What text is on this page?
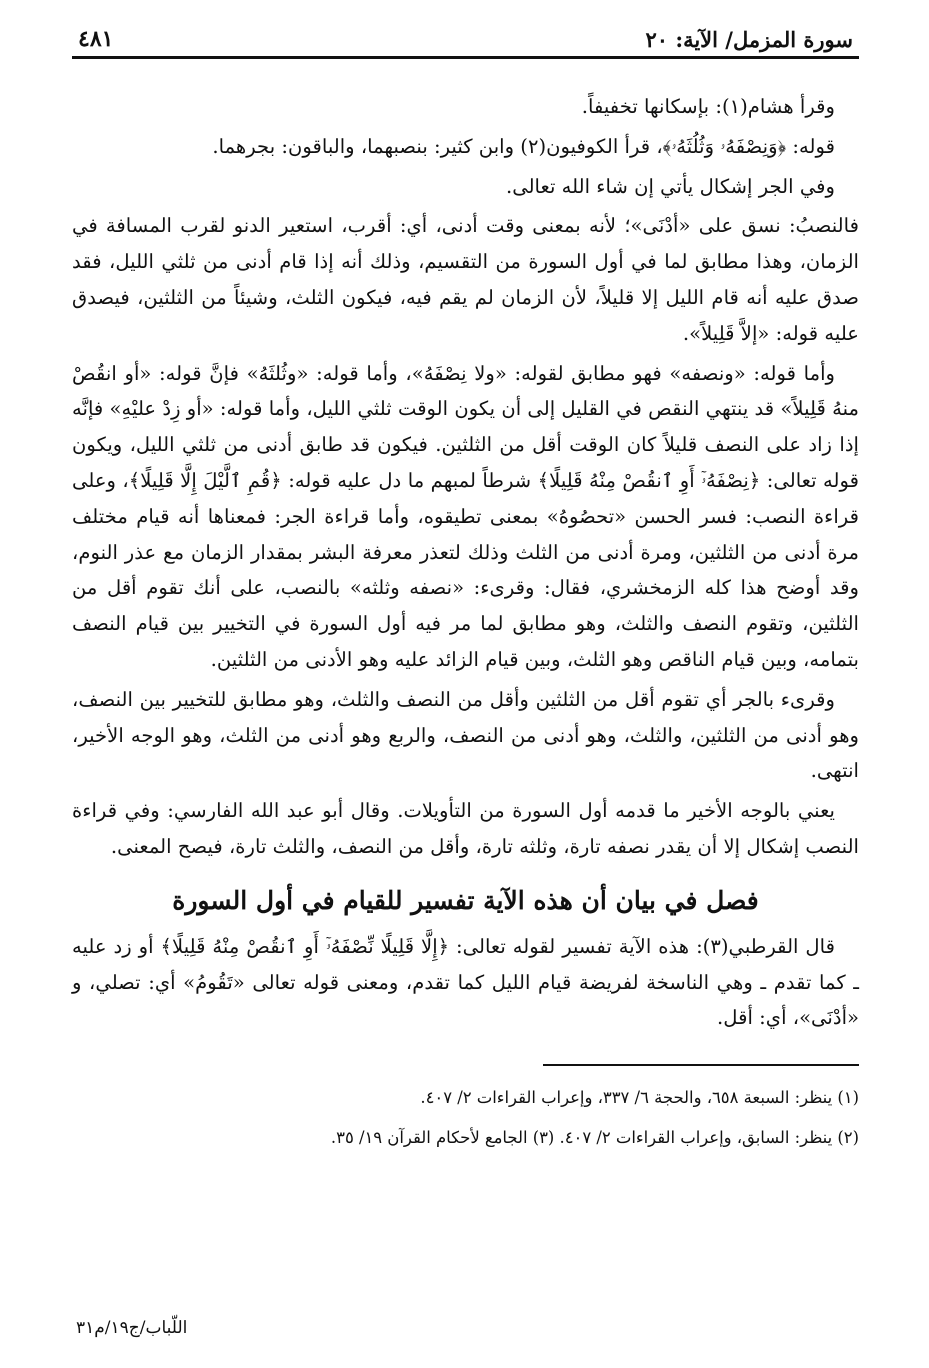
سورة المزمل/ الآية: ٢٠
٤٨١

وقرأ هشام(١): بإسكانها تخفيفاً.

قوله: ﴿وَنِصْفَهُۥ وَثُلُثَهُۥ﴾، قرأ الكوفيون(٢) وابن كثير: بنصبهما، والباقون: بجرهما.

وفي الجر إشكال يأتي إن شاء الله تعالى.

فالنصبُ: نسق على «أدْنَى»؛ لأنه بمعنى وقت أدنى، أي: أقرب، استعير الدنو لقرب المسافة في الزمان، وهذا مطابق لما في أول السورة من التقسيم، وذلك أنه إذا قام أدنى من ثلثي الليل، فقد صدق عليه أنه قام الليل إلا قليلاً، لأن الزمان لم يقم فيه، فيكون الثلث، وشيئاً من الثلثين، فيصدق عليه قوله: «إلاَّ قَلِيلاً».

وأما قوله: «ونصفه» فهو مطابق لقوله: «ولا نِصْفَهُ»، وأما قوله: «وثُلثَهُ» فإنَّ قوله: «أو انقُصْ منهُ قَلِيلاً» قد ينتهي النقص في القليل إلى أن يكون الوقت ثلثي الليل، وأما قوله: «أو زِدْ عليْهِ» فإنَّه إذا زاد على النصف قليلاً كان الوقت أقل من الثلثين. فيكون قد طابق أدنى من ثلثي الليل، ويكون قوله تعالى: ﴿نِصْفَهُۥٓ أَوِ ٱنقُصْ مِنْهُ قَلِيلًا﴾ شرطاً لمبهم ما دل عليه قوله: ﴿قُمِ ٱلَّيْلَ إِلَّا قَلِيلًا﴾، وعلى قراءة النصب: فسر الحسن «تحصُوهُ» بمعنى تطيقوه، وأما قراءة الجر: فمعناها أنه قيام مختلف مرة أدنى من الثلثين، ومرة أدنى من الثلث وذلك لتعذر معرفة البشر بمقدار الزمان مع عذر النوم، وقد أوضح هذا كله الزمخشري، فقال: وقرىء: «نصفه وثلثه» بالنصب، على أنك تقوم أقل من الثلثين، وتقوم النصف والثلث، وهو مطابق لما مر فيه أول السورة في التخيير بين قيام النصف بتمامه، وبين قيام الناقص وهو الثلث، وبين قيام الزائد عليه وهو الأدنى من الثلثين.

وقرىء بالجر أي تقوم أقل من الثلثين وأقل من النصف والثلث، وهو مطابق للتخيير بين النصف، وهو أدنى من الثلثين، والثلث، وهو أدنى من النصف، والربع وهو أدنى من الثلث، وهو الوجه الأخير، انتهى.

يعني بالوجه الأخير ما قدمه أول السورة من التأويلات. وقال أبو عبد الله الفارسي: وفي قراءة النصب إشكال إلا أن يقدر نصفه تارة، وثلثه تارة، وأقل من النصف، والثلث تارة، فيصح المعنى.

فصل في بيان أن هذه الآية تفسير للقيام في أول السورة

قال القرطبي(٣): هذه الآية تفسير لقوله تعالى: ﴿إِلَّا قَلِيلًا نِّصْفَهُۥٓ أَوِ ٱنقُصْ مِنْهُ قَلِيلًا﴾ أو زد عليه ـ كما تقدم ـ وهي الناسخة لفريضة قيام الليل كما تقدم، ومعنى قوله تعالى «تَقُومُ» أي: تصلي، و «أدْنَى»، أي: أقل.

(١) ينظر: السبعة ٦٥٨، والحجة ٦/ ٣٣٧، وإعراب القراءات ٢/ ٤٠٧.

(٢) ينظر: السابق، وإعراب القراءات ٢/ ٤٠٧. (٣) الجامع لأحكام القرآن ١٩/ ٣٥.

اللّباب/ج١٩/م٣١
